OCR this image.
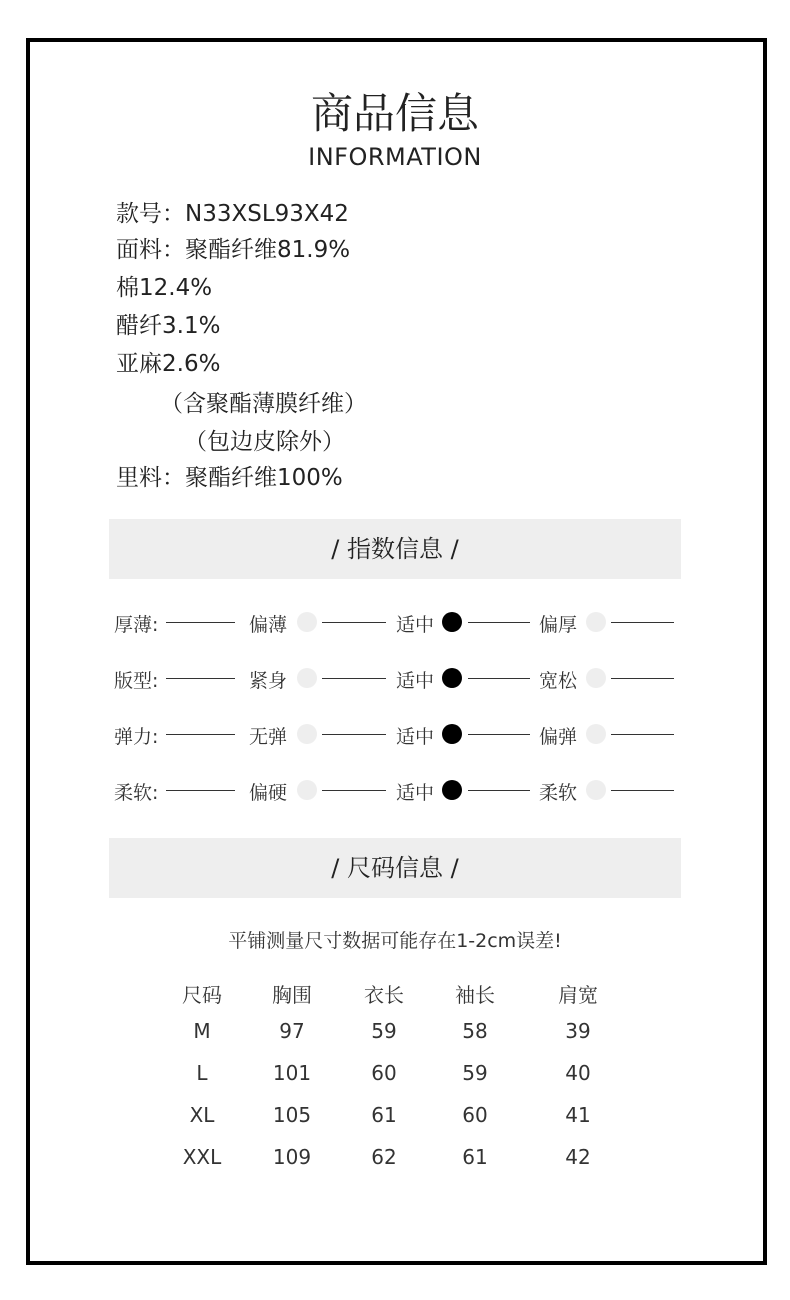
商品信息
INFORMATION
款号：N33XSL93X42
面料：聚酯纤维81.9%
棉12.4%
醋纤3.1%
亚麻2.6%
（含聚酯薄膜纤维）
（包边皮除外）
里料：聚酯纤维100%
/ 指数信息 /
厚薄:	偏薄	适中	偏厚
版型:	紧身	适中	宽松
弹力:	无弹	适中	偏弹
柔软:	偏硬	适中	柔软
/ 尺码信息 /
平铺测量尺寸数据可能存在1-2cm误差!
尺码	胸围	衣长	袖长	肩宽
M	97	59	58	39
L	101	60	59	40
XL	105	61	60	41
XXL	109	62	61	42
